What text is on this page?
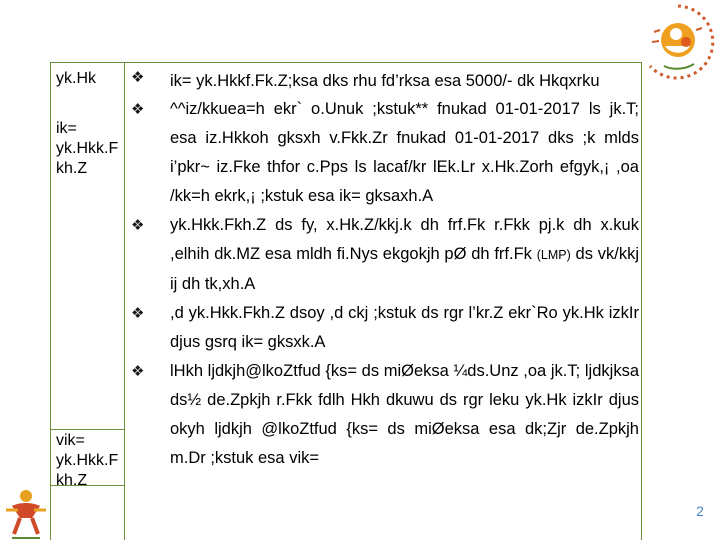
2
yk.Hk
ik= yk.Hkk.F kh.Z
vik= yk.Hkk.F kh.Z

❖ ik= yk.Hkkf.Fk.Z;ksa dks rhu fd’rksa esa 5000/- dk Hkqxrku

❖ ^^iz/kkuea=h ekr` o.Unuk ;kstuk** fnukad 01-01-2017 ls jk.T; esa iz.Hkkoh gksxh v.Fkk.Zr fnukad 01-01-2017 dks ;k mlds i’pkr~ iz.Fke thfor c.Pps ls lacaf/kr lEk.Lr x.Hk.Zorh efgyk,¡ ,oa /kk=h ekrk,¡ ;kstuk esa ik= gksaxh.A

❖ yk.Hkk.Fkh.Z ds fy, x.Hk.Z/kkj.k dh frf.Fk r.Fkk pj.k dh x.kuk ,elhih dk.MZ esa mldh fi.Nys ekgokjh pØ dh frf.Fk (LMP) ds vk/kkj ij dh tk,xh.A

❖ ,d yk.Hkk.Fkh.Z dsoy ,d ckj ;kstuk ds rgr l’kr.Z ekr`Ro yk.Hk izkIr djus gsrq ik= gksxk.A

❖ lHkh ljdkjh@lkoZtfud {ks= ds miØeksa ¼ds.Unz ,oa jk.T; ljdkjksa ds½ de.Zpkjh r.Fkk fdlh Hkh dkuwu ds rgr leku yk.Hk izkIr djus okyh ljdkjh @lkoZtfud {ks= ds miØeksa esa dk;Zjr de.Zpkjh m.Dr ;kstuk esa vik=
